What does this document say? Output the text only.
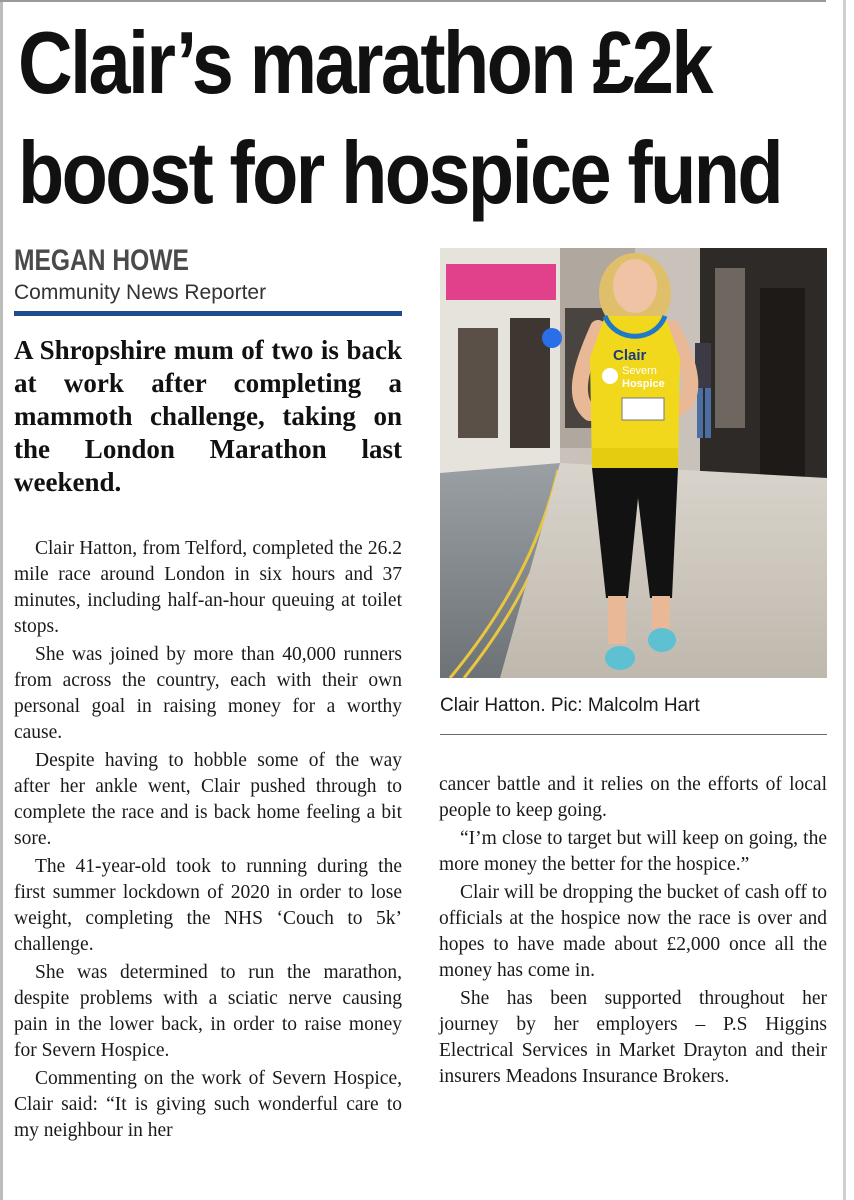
Clair’s marathon £2k
boost for hospice fund
MEGAN HOWE
Community News Reporter

A Shropshire mum of two is back at work after completing a mammoth challenge, taking on the London Marathon last weekend.

Clair Hatton, from Telford, completed the 26.2 mile race around London in six hours and 37 minutes, including half-an-hour queuing at toilet stops.

She was joined by more than 40,000 runners from across the country, each with their own personal goal in raising money for a worthy cause.

Despite having to hobble some of the way after her ankle went, Clair pushed through to complete the race and is back home feeling a bit sore.

The 41-year-old took to running during the first summer lockdown of 2020 in order to lose weight, completing the NHS ‘Couch to 5k’ challenge.

She was determined to run the marathon, despite problems with a sciatic nerve causing pain in the lower back, in order to raise money for Severn Hospice.

Commenting on the work of Severn Hospice, Clair said: “It is giving such wonderful care to my neighbour in her

Clair
Severn
Hospice
Clair Hatton. Pic: Malcolm Hart

cancer battle and it relies on the efforts of local people to keep going.

“I’m close to target but will keep on going, the more money the better for the hospice.”

Clair will be dropping the bucket of cash off to officials at the hospice now the race is over and hopes to have made about £2,000 once all the money has come in.

She has been supported throughout her journey by her employers – P.S Higgins Electrical Services in Market Drayton and their insurers Meadons Insurance Brokers.
